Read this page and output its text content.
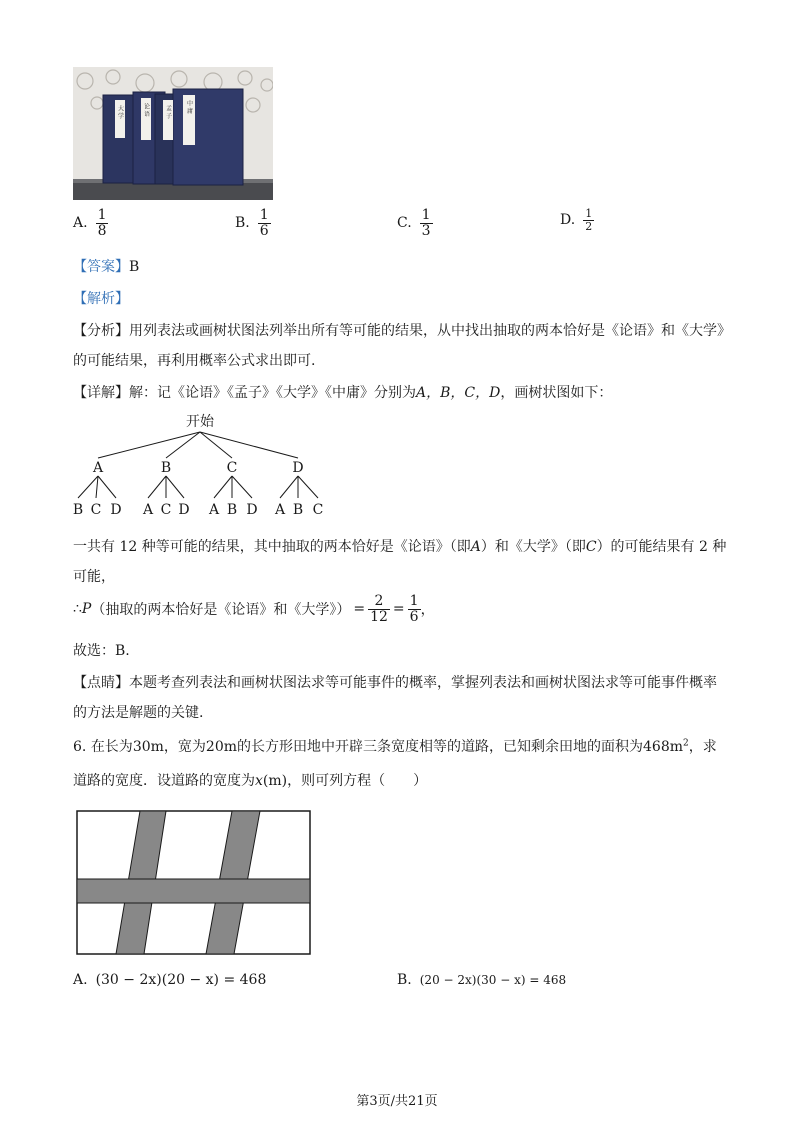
大 学	论 语	孟 子 中 庸
A. $\frac{1}{8}$	B. $\frac{1}{6}$	C. $\frac{1}{3}$	D. $\frac{1}{2}$
【答案】B
【解析】
【分析】用列表法或画树状图法列举出所有等可能的结果，从中找出抽取的两本恰好是《论语》和《大学》
的可能结果，再利用概率公式求出即可.
【详解】解：记《论语》《孟子》《大学》《中庸》分别为A，B，C，D，画树状图如下：
开始
A	B	C	D
B C D A C D A B D A B C
一共有 12 种等可能的结果，其中抽取的两本恰好是《论语》（即A）和《大学》（即C）的可能结果有 2 种
可能，
∴ P （抽取的两本恰好是《论语》和《大学》） = $\frac{2}{12} = \frac{1}{6}$ ，
故选：B.
【点睛】本题考查列表法和画树状图法求等可能事件的概率，掌握列表法和画树状图法求等可能事件概率
的方法是解题的关键.
6. 在长为30m，宽为20m的长方形田地中开辟三条宽度相等的道路，已知剩余田地的面积为$468m^2$，求
道路的宽度．设道路的宽度为x(m)，则可列方程（　　）
A. (30 − 2x)(20 − x) = 468	B. (20 − 2x)(30 − x) = 468
第3页/共21页
